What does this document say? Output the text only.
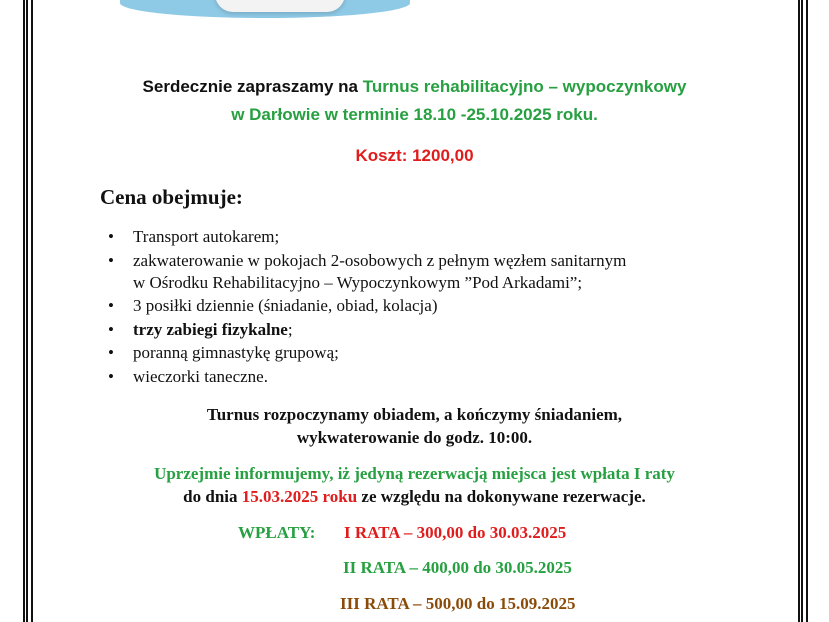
Serdecznie zapraszamy na Turnus rehabilitacyjno – wypoczynkowy
w Darłowie w terminie 18.10 -25.10.2025 roku.
Koszt: 1200,00
Cena obejmuje:
• Transport autokarem;
• zakwaterowanie w pokojach 2-osobowych z pełnym węzłem sanitarnym
w Ośrodku Rehabilitacyjno – Wypoczynkowym ”Pod Arkadami”;
• 3 posiłki dziennie (śniadanie, obiad, kolacja)
• trzy zabiegi fizykalne;
• poranną gimnastykę grupową;
• wieczorki taneczne.
Turnus rozpoczynamy obiadem, a kończymy śniadaniem,
wykwaterowanie do godz. 10:00.
Uprzejmie informujemy, iż jedyną rezerwacją miejsca jest wpłata I raty
do dnia 15.03.2025 roku ze względu na dokonywane rezerwacje.
WPŁATY: I RATA – 300,00 do 30.03.2025
II RATA – 400,00 do 30.05.2025
III RATA – 500,00 do 15.09.2025
